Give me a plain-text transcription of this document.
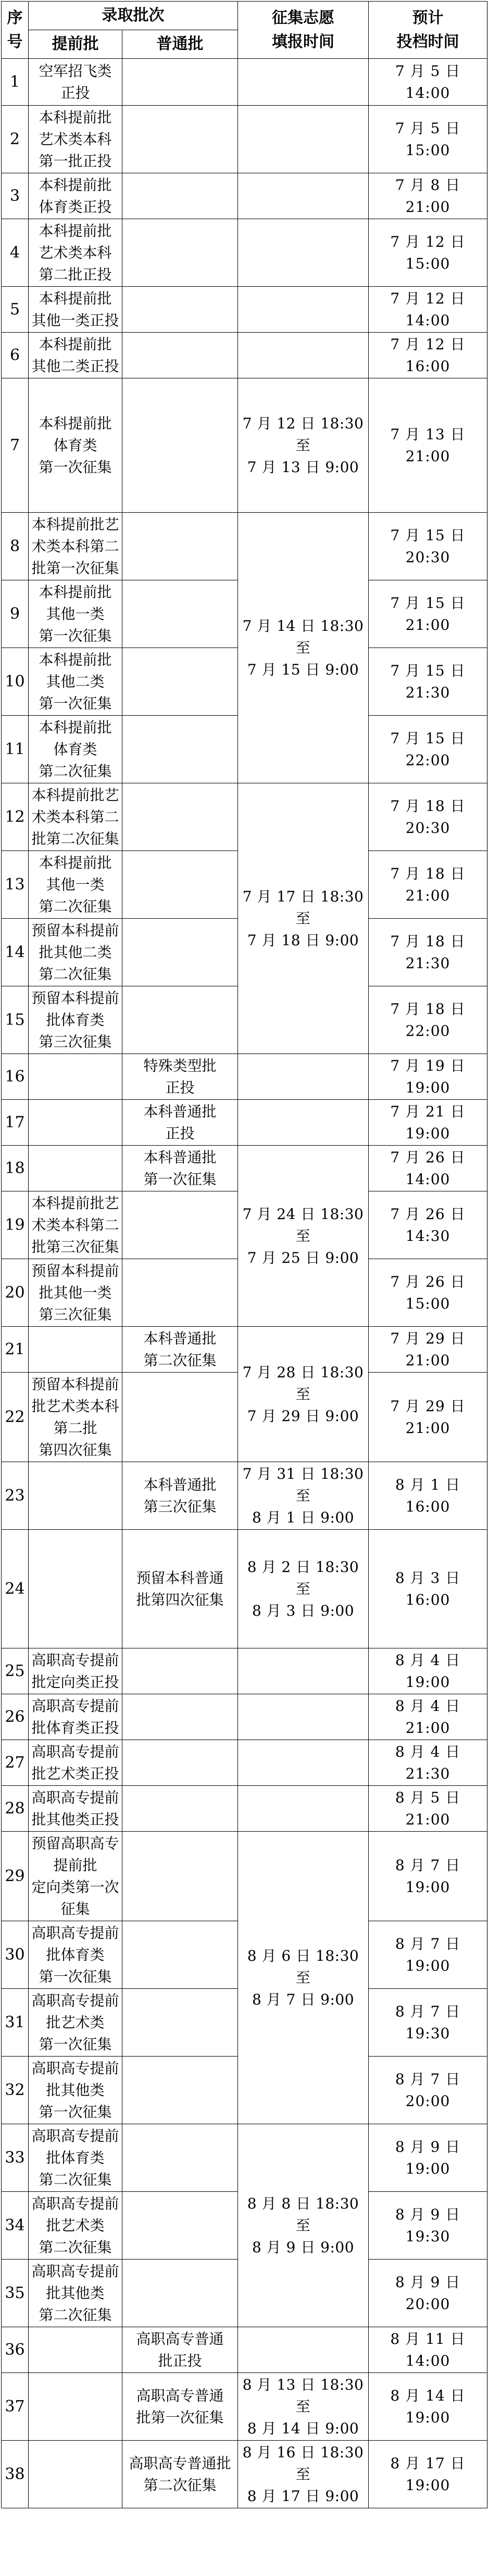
序
号	录取批次		征集志愿
填报时间	预计
投档时间
	提前批	普通批		
1	空军招飞类
正投			7 月 5 日
14:00
2	本科提前批
艺术类本科
第一批正投			7 月 5 日
15:00
3	本科提前批
体育类正投			7 月 8 日
21:00
4	本科提前批
艺术类本科
第二批正投			7 月 12 日
15:00
5	本科提前批
其他一类正投			7 月 12 日
14:00
6	本科提前批
其他二类正投			7 月 12 日
16:00
7	本科提前批
体育类
第一次征集		7 月 12 日 18:30
至
7 月 13 日 9:00	7 月 13 日
21:00
8	本科提前批艺
术类本科第二
批第一次征集		7 月 14 日 18:30
至
7 月 15 日 9:00	7 月 15 日
20:30
9	本科提前批
其他一类
第一次征集			7 月 15 日
21:00
10	本科提前批
其他二类
第一次征集			7 月 15 日
21:30
11	本科提前批
体育类
第二次征集			7 月 15 日
22:00
12	本科提前批艺
术类本科第二
批第二次征集		7 月 17 日 18:30
至
7 月 18 日 9:00	7 月 18 日
20:30
13	本科提前批
其他一类
第二次征集			7 月 18 日
21:00
14	预留本科提前
批其他二类
第二次征集			7 月 18 日
21:30
15	预留本科提前
批体育类
第三次征集			7 月 18 日
22:00
16		特殊类型批
正投		7 月 19 日
19:00
17		本科普通批
正投		7 月 21 日
19:00
18		本科普通批
第一次征集	7 月 24 日 18:30
至
7 月 25 日 9:00	7 月 26 日
14:00
19	本科提前批艺
术类本科第二
批第三次征集			7 月 26 日
14:30
20	预留本科提前
批其他一类
第三次征集			7 月 26 日
15:00
21		本科普通批
第二次征集	7 月 28 日 18:30
至
7 月 29 日 9:00	7 月 29 日
21:00
22	预留本科提前
批艺术类本科
第二批
第四次征集			7 月 29 日
21:00
23		本科普通批
第三次征集	7 月 31 日 18:30
至
8 月 1 日 9:00	8 月 1 日
16:00
24		预留本科普通
批第四次征集	8 月 2 日 18:30
至
8 月 3 日 9:00	8 月 3 日
16:00
25	高职高专提前
批定向类正投			8 月 4 日
19:00
26	高职高专提前
批体育类正投			8 月 4 日
21:00
27	高职高专提前
批艺术类正投			8 月 4 日
21:30
28	高职高专提前
批其他类正投			8 月 5 日
21:00
29	预留高职高专
提前批
定向类第一次
征集		8 月 6 日 18:30
至
8 月 7 日 9:00	8 月 7 日
19:00
30	高职高专提前
批体育类
第一次征集			8 月 7 日
19:00
31	高职高专提前
批艺术类
第一次征集			8 月 7 日
19:30
32	高职高专提前
批其他类
第一次征集			8 月 7 日
20:00
33	高职高专提前
批体育类
第二次征集		8 月 8 日 18:30
至
8 月 9 日 9:00	8 月 9 日
19:00
34	高职高专提前
批艺术类
第二次征集			8 月 9 日
19:30
35	高职高专提前
批其他类
第二次征集			8 月 9 日
20:00
36		高职高专普通
批正投		8 月 11 日
14:00
37		高职高专普通
批第一次征集	8 月 13 日 18:30
至
8 月 14 日 9:00	8 月 14 日
19:00
38		高职高专普通批
第二次征集	8 月 16 日 18:30
至
8 月 17 日 9:00	8 月 17 日
19:00
